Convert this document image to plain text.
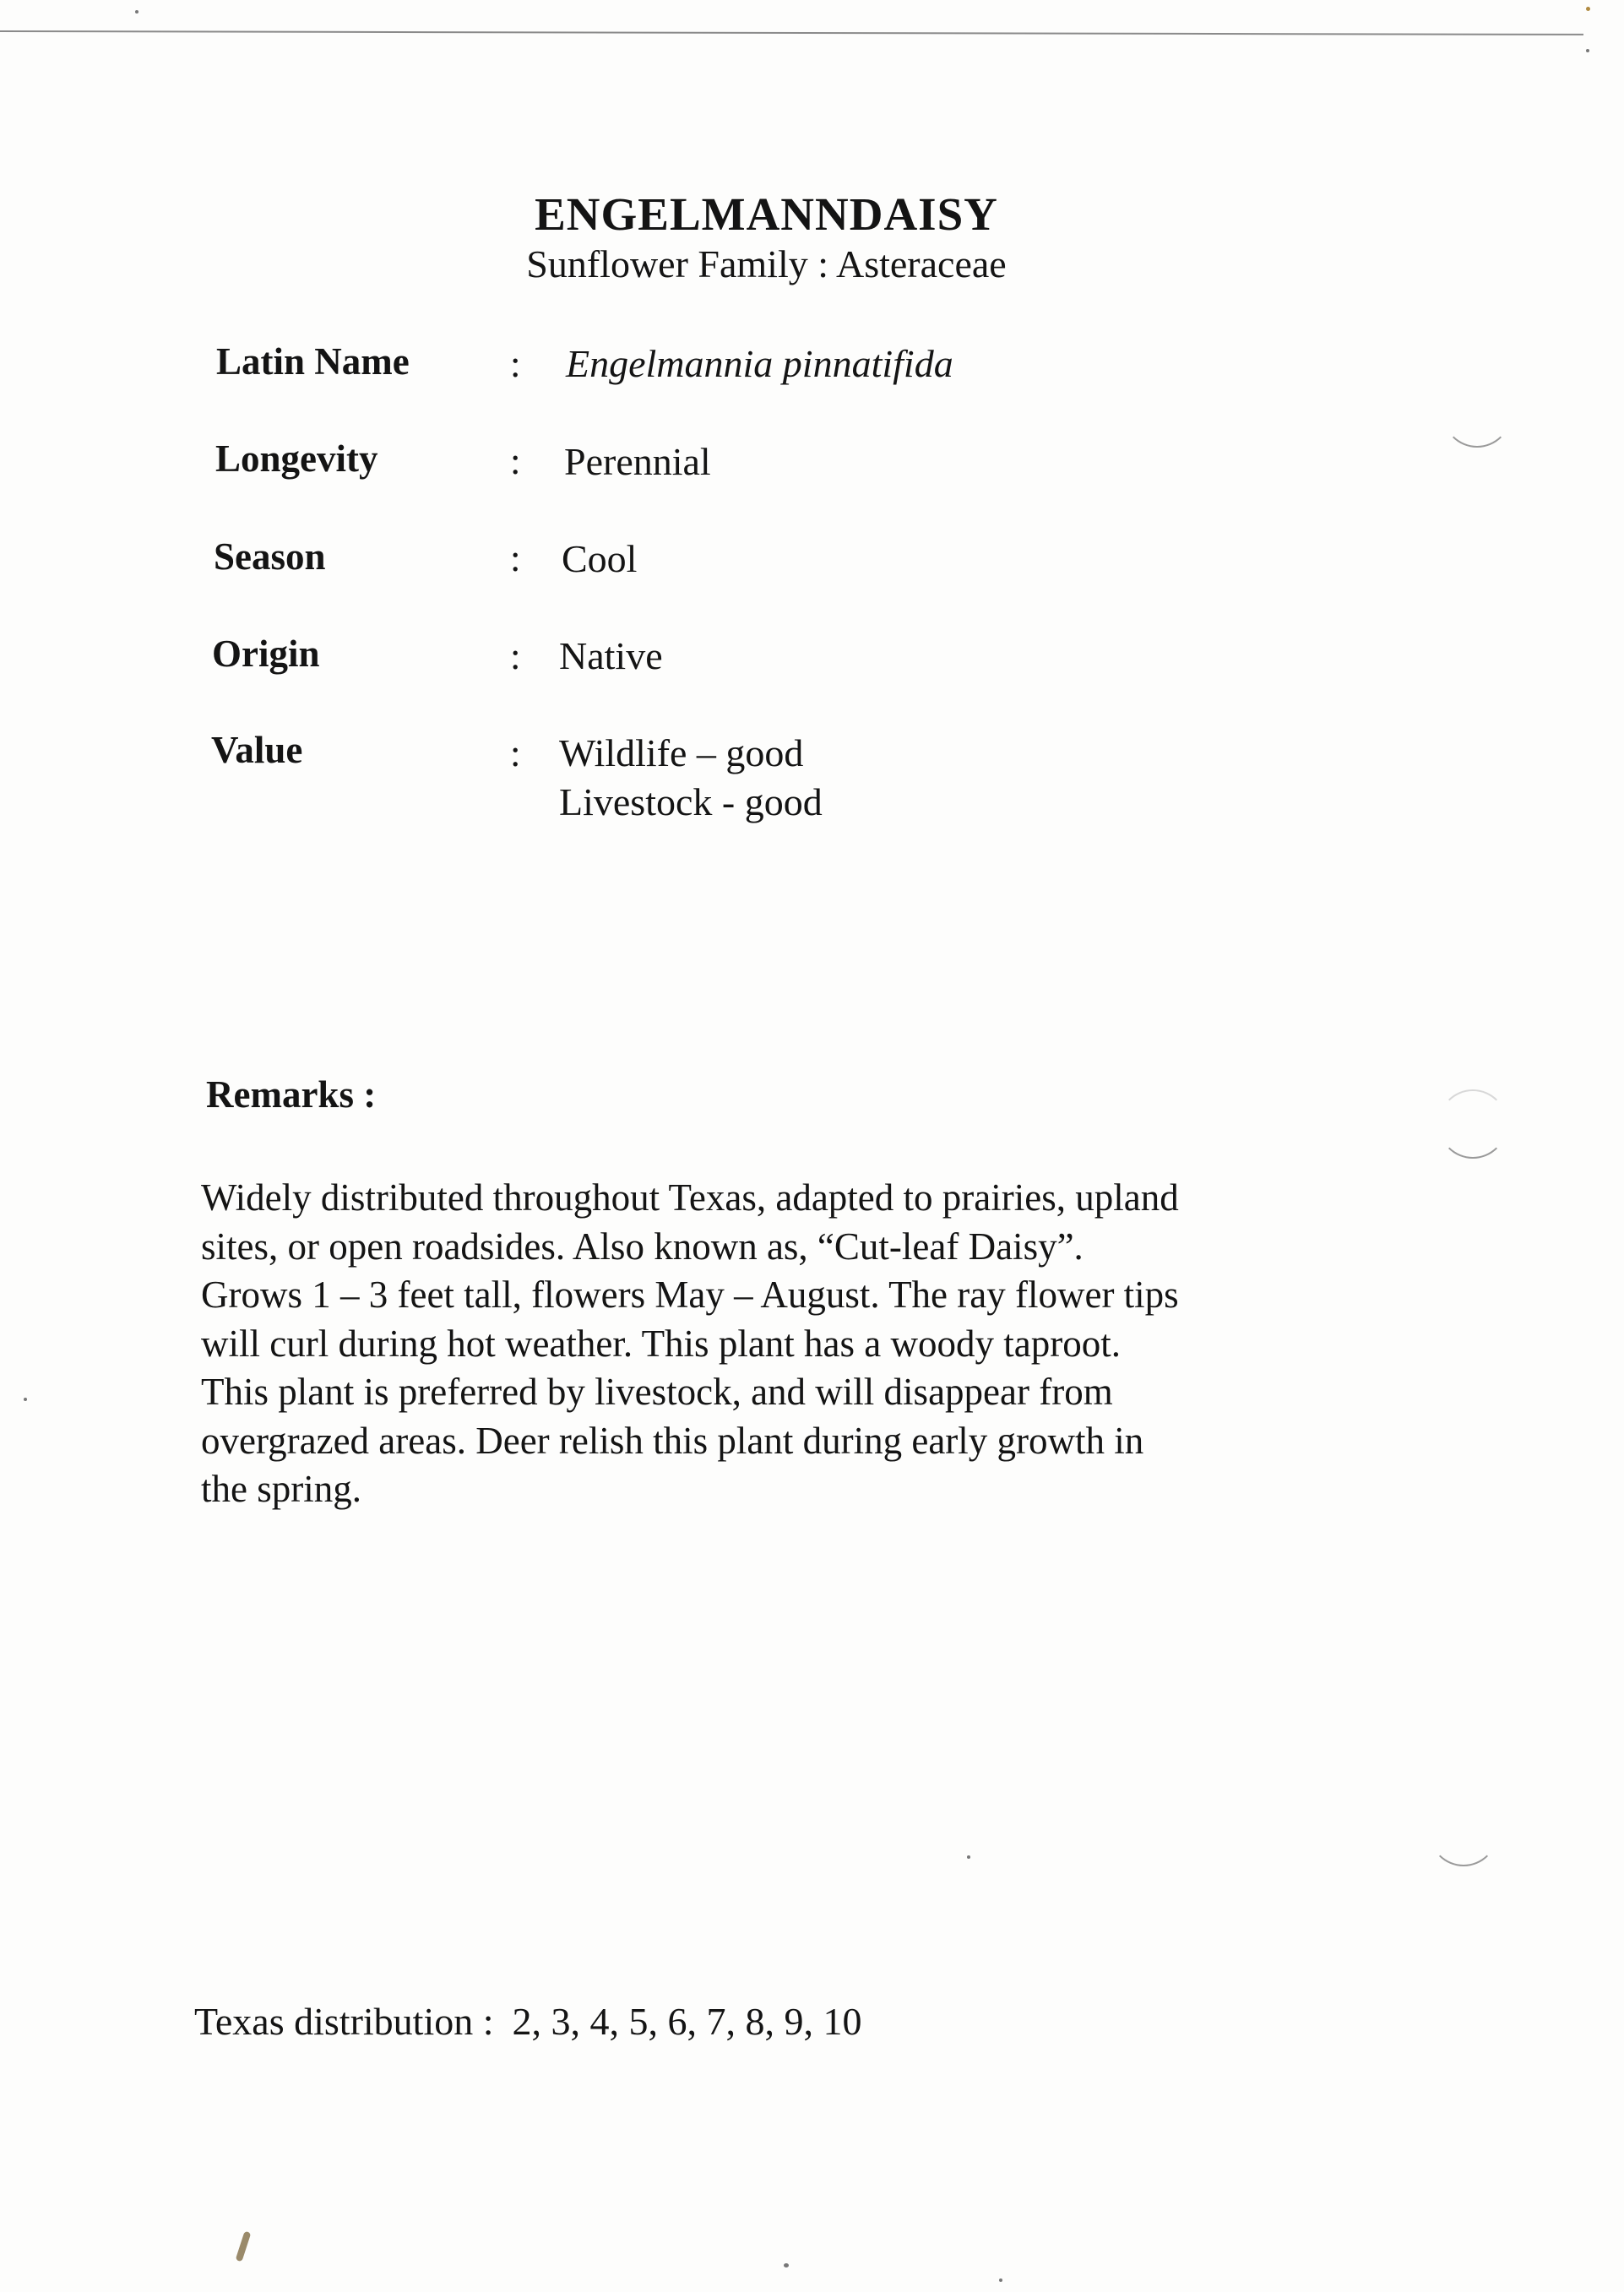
ENGELMANNDAISY
Sunflower Family : Asteraceae
Latin Name	: Engelmannia pinnatifida
Longevity	: Perennial
Season	: Cool
Origin	: Native
Value	: Wildlife – good
Livestock - good
Remarks :
Widely distributed throughout Texas, adapted to prairies, upland
sites, or open roadsides. Also known as, “Cut-leaf Daisy”.
Grows 1 – 3 feet tall, flowers May – August. The ray flower tips
will curl during hot weather. This plant has a woody taproot.
This plant is preferred by livestock, and will disappear from
overgrazed areas. Deer relish this plant during early growth in
the spring.
Texas distribution : 2, 3, 4, 5, 6, 7, 8, 9, 10
